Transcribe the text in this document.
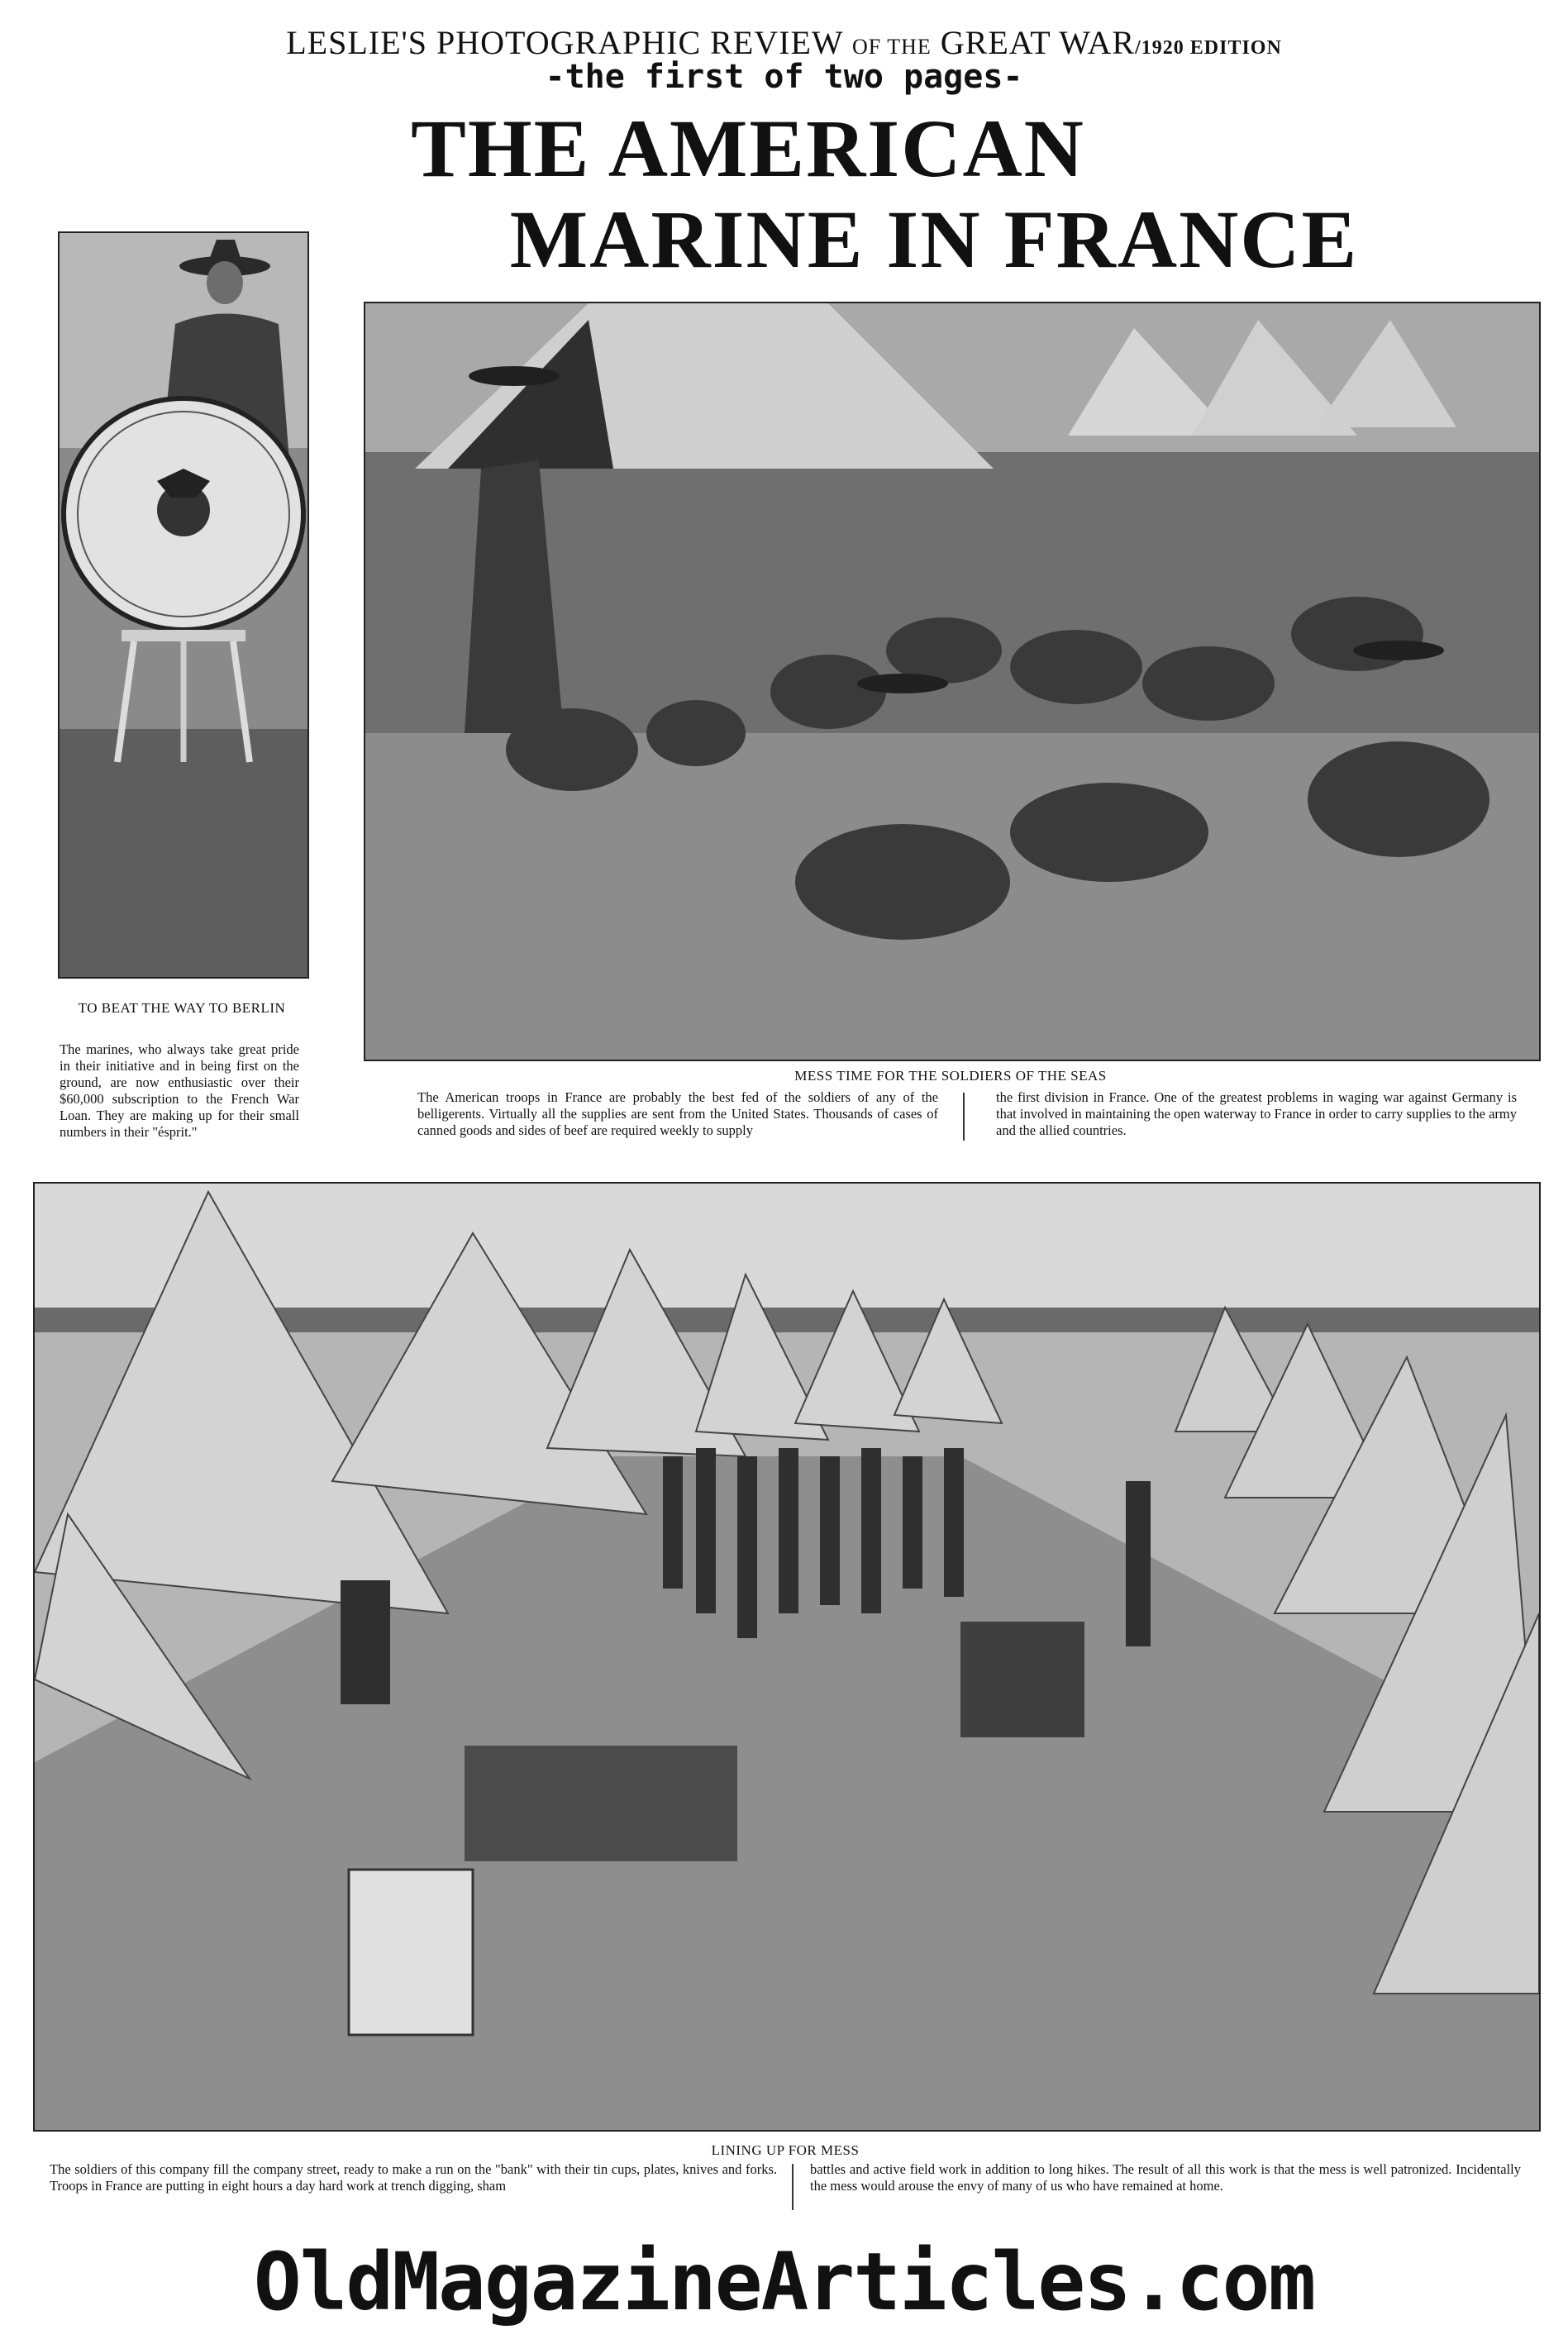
LESLIE'S PHOTOGRAPHIC REVIEW OF THE GREAT WAR/1920 EDITION
-the first of two pages-
THE AMERICAN
MARINE IN FRANCE
TO BEAT THE WAY TO BERLIN
The marines, who always take great pride in their initiative and in being first on the ground, are now enthusiastic over their $60,000 subscription to the French War Loan. They are making up for their small numbers in their "ésprit."
MESS TIME FOR THE SOLDIERS OF THE SEAS
The American troops in France are probably the best fed of the soldiers of any of the belligerents. Virtually all the supplies are sent from the United States. Thousands of cases of canned goods and sides of beef are required weekly to supply
the first division in France. One of the greatest problems in waging war against Germany is that involved in maintaining the open waterway to France in order to carry supplies to the army and the allied countries.
LINING UP FOR MESS
The soldiers of this company fill the company street, ready to make a run on the "bank" with their tin cups, plates, knives and forks. Troops in France are putting in eight hours a day hard work at trench digging, sham
battles and active field work in addition to long hikes. The result of all this work is that the mess is well patronized. Incidentally the mess would arouse the envy of many of us who have remained at home.
OldMagazineArticles.com
